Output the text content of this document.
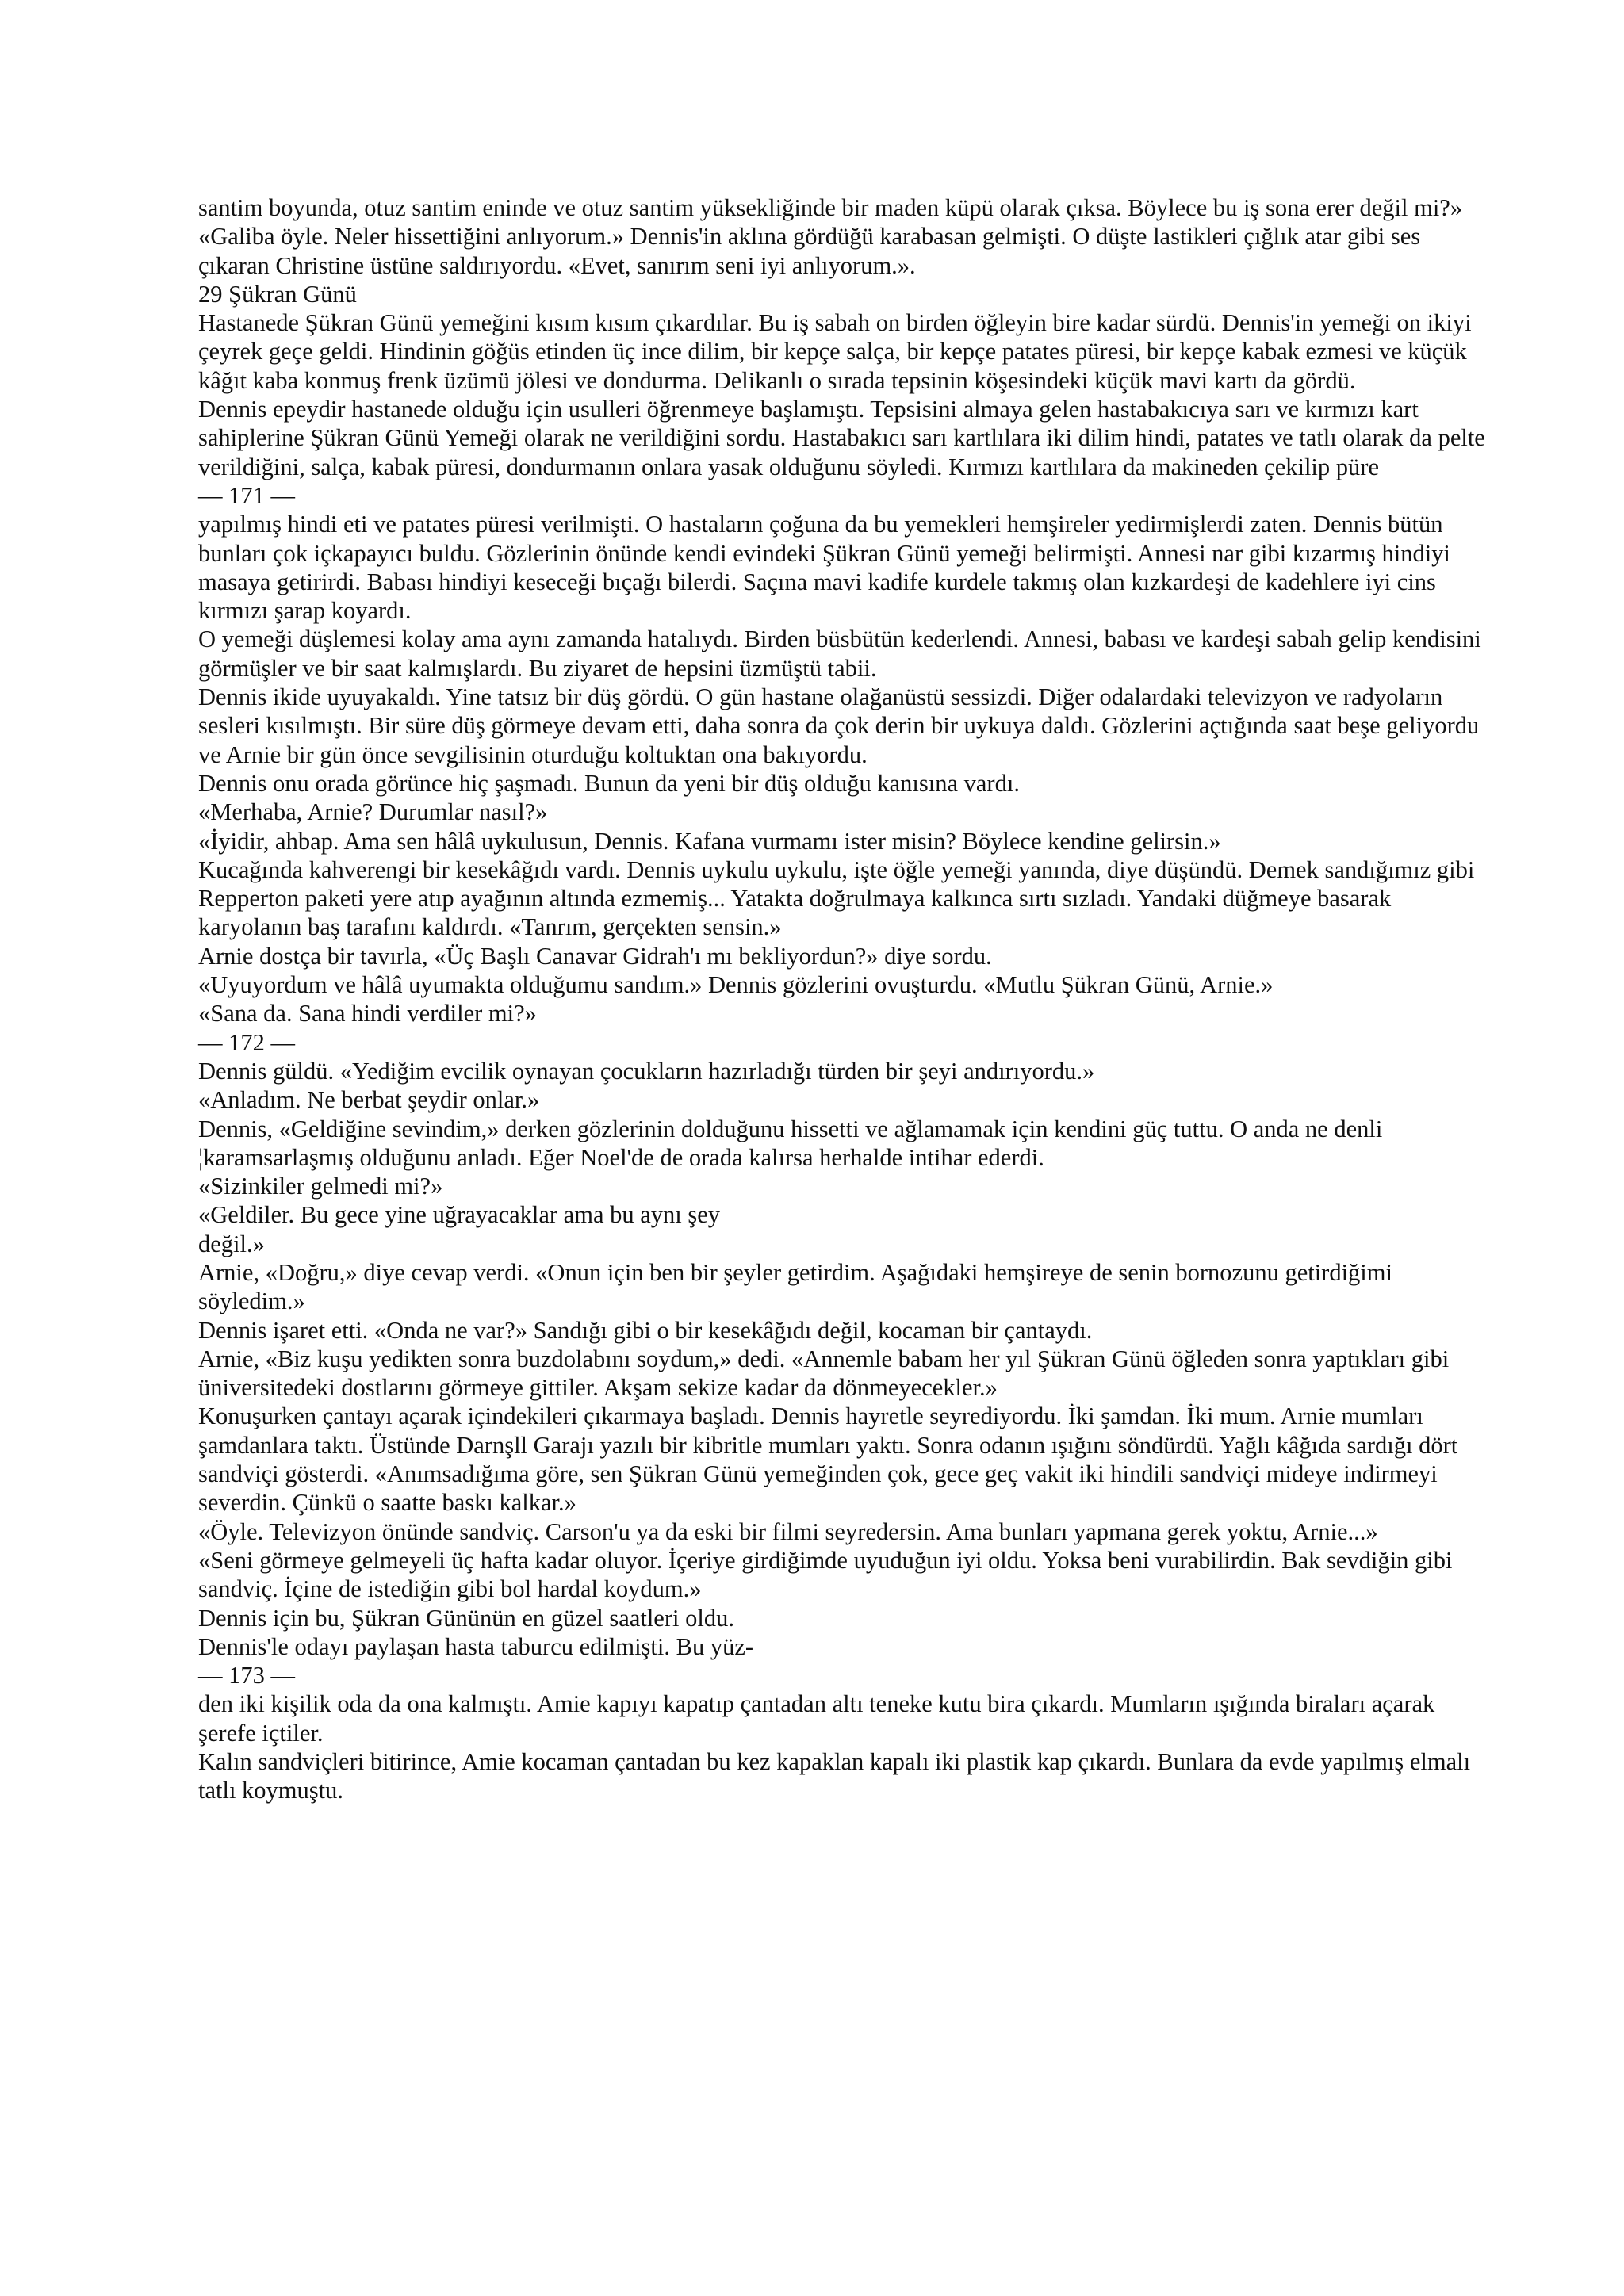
santim boyunda, otuz santim eninde ve otuz santim yüksekliğinde bir maden küpü olarak çıksa. Böylece bu iş sona erer değil mi?»

«Galiba öyle. Neler hissettiğini anlıyorum.» Dennis'in aklına gördüğü karabasan gelmişti. O düşte lastikleri çığlık atar gibi ses çıkaran Christine üstüne saldırıyordu. «Evet, sanırım seni iyi anlıyorum.».

29 Şükran Günü

Hastanede Şükran Günü yemeğini kısım kısım çıkardılar. Bu iş sabah on birden öğleyin bire kadar sürdü. Dennis'in yemeği on ikiyi çeyrek geçe geldi. Hindinin göğüs etinden üç ince dilim, bir kepçe salça, bir kepçe patates püresi, bir kepçe kabak ezmesi ve küçük kâğıt kaba konmuş frenk üzümü jölesi ve dondurma. Delikanlı o sırada tepsinin köşesindeki küçük mavi kartı da gördü.

Dennis epeydir hastanede olduğu için usulleri öğrenmeye başlamıştı. Tepsisini almaya gelen hastabakıcıya sarı ve kırmızı kart sahiplerine Şükran Günü Yemeği olarak ne verildiğini sordu. Hastabakıcı sarı kartlılara iki dilim hindi, patates ve tatlı olarak da pelte verildiğini, salça, kabak püresi, dondurmanın onlara yasak olduğunu söyledi. Kırmızı kartlılara da makineden çekilip püre

— 171 —

yapılmış hindi eti ve patates püresi verilmişti. O hastaların çoğuna da bu yemekleri hemşireler yedirmişlerdi zaten. Dennis bütün bunları çok içkapayıcı buldu. Gözlerinin önünde kendi evindeki Şükran Günü yemeği belirmişti. Annesi nar gibi kızarmış hindiyi masaya getirirdi. Babası hindiyi keseceği bıçağı bilerdi. Saçına mavi kadife kurdele takmış olan kızkardeşi de kadehlere iyi cins kırmızı şarap koyardı.

O yemeği düşlemesi kolay ama aynı zamanda hatalıydı. Birden büsbütün kederlendi. Annesi, babası ve kardeşi sabah gelip kendisini görmüşler ve bir saat kalmışlardı. Bu ziyaret de hepsini üzmüştü tabii.

Dennis ikide uyuyakaldı. Yine tatsız bir düş gördü. O gün hastane olağanüstü sessizdi. Diğer odalardaki televizyon ve radyoların sesleri kısılmıştı. Bir süre düş görmeye devam etti, daha sonra da çok derin bir uykuya daldı. Gözlerini açtığında saat beşe geliyordu ve Arnie bir gün önce sevgilisinin oturduğu koltuktan ona bakıyordu.

Dennis onu orada görünce hiç şaşmadı. Bunun da yeni bir düş olduğu kanısına vardı.

«Merhaba, Arnie? Durumlar nasıl?»

«İyidir, ahbap. Ama sen hâlâ uykulusun, Dennis. Kafana vurmamı ister misin? Böylece kendine gelirsin.»

Kucağında kahverengi bir kesekâğıdı vardı. Dennis uykulu uykulu, işte öğle yemeği yanında, diye düşündü. Demek sandığımız gibi Repperton paketi yere atıp ayağının altında ezmemiş... Yatakta doğrulmaya kalkınca sırtı sızladı. Yandaki düğmeye basarak karyolanın baş tarafını kaldırdı. «Tanrım, gerçekten sensin.»

Arnie dostça bir tavırla, «Üç Başlı Canavar Gidrah'ı mı bekliyordun?» diye sordu.

«Uyuyordum ve hâlâ uyumakta olduğumu sandım.» Dennis gözlerini ovuşturdu. «Mutlu Şükran Günü, Arnie.»

«Sana da. Sana hindi verdiler mi?»

— 172 —

Dennis güldü. «Yediğim evcilik oynayan çocukların hazırladığı türden bir şeyi andırıyordu.»

«Anladım. Ne berbat şeydir onlar.»

Dennis, «Geldiğine sevindim,» derken gözlerinin dolduğunu hissetti ve ağlamamak için kendini güç tuttu. O anda ne denli ¦karamsarlaşmış olduğunu anladı. Eğer Noel'de de orada kalırsa herhalde intihar ederdi.

«Sizinkiler gelmedi mi?»

«Geldiler. Bu gece yine uğrayacaklar ama bu aynı şey

değil.»

Arnie, «Doğru,» diye cevap verdi. «Onun için ben bir şeyler getirdim. Aşağıdaki hemşireye de senin bornozunu getirdiğimi söyledim.»

Dennis işaret etti. «Onda ne var?» Sandığı gibi o bir kesekâğıdı değil, kocaman bir çantaydı.

Arnie, «Biz kuşu yedikten sonra buzdolabını soydum,» dedi. «Annemle babam her yıl Şükran Günü öğleden sonra yaptıkları gibi üniversitedeki dostlarını görmeye gittiler. Akşam sekize kadar da dönmeyecekler.»

Konuşurken çantayı açarak içindekileri çıkarmaya başladı. Dennis hayretle seyrediyordu. İki şamdan. İki mum. Arnie mumları şamdanlara taktı. Üstünde Darnşll Garajı yazılı bir kibritle mumları yaktı. Sonra odanın ışığını söndürdü. Yağlı kâğıda sardığı dört sandviçi gösterdi. «Anımsadığıma göre, sen Şükran Günü yemeğinden çok, gece geç vakit iki hindili sandviçi mideye indirmeyi severdin. Çünkü o saatte baskı kalkar.»

«Öyle. Televizyon önünde sandviç. Carson'u ya da eski bir filmi seyredersin. Ama bunları yapmana gerek yoktu, Arnie...»

«Seni görmeye gelmeyeli üç hafta kadar oluyor. İçeriye girdiğimde uyuduğun iyi oldu. Yoksa beni vurabilirdin. Bak sevdiğin gibi sandviç. İçine de istediğin gibi bol hardal koydum.»

Dennis için bu, Şükran Gününün en güzel saatleri oldu.

Dennis'le odayı paylaşan hasta taburcu edilmişti. Bu yüz-

— 173 —

den iki kişilik oda da ona kalmıştı. Amie kapıyı kapatıp çantadan altı teneke kutu bira çıkardı. Mumların ışığında biraları açarak şerefe içtiler.

Kalın sandviçleri bitirince, Amie kocaman çantadan bu kez kapaklan kapalı iki plastik kap çıkardı. Bunlara da evde yapılmış elmalı tatlı koymuştu.
